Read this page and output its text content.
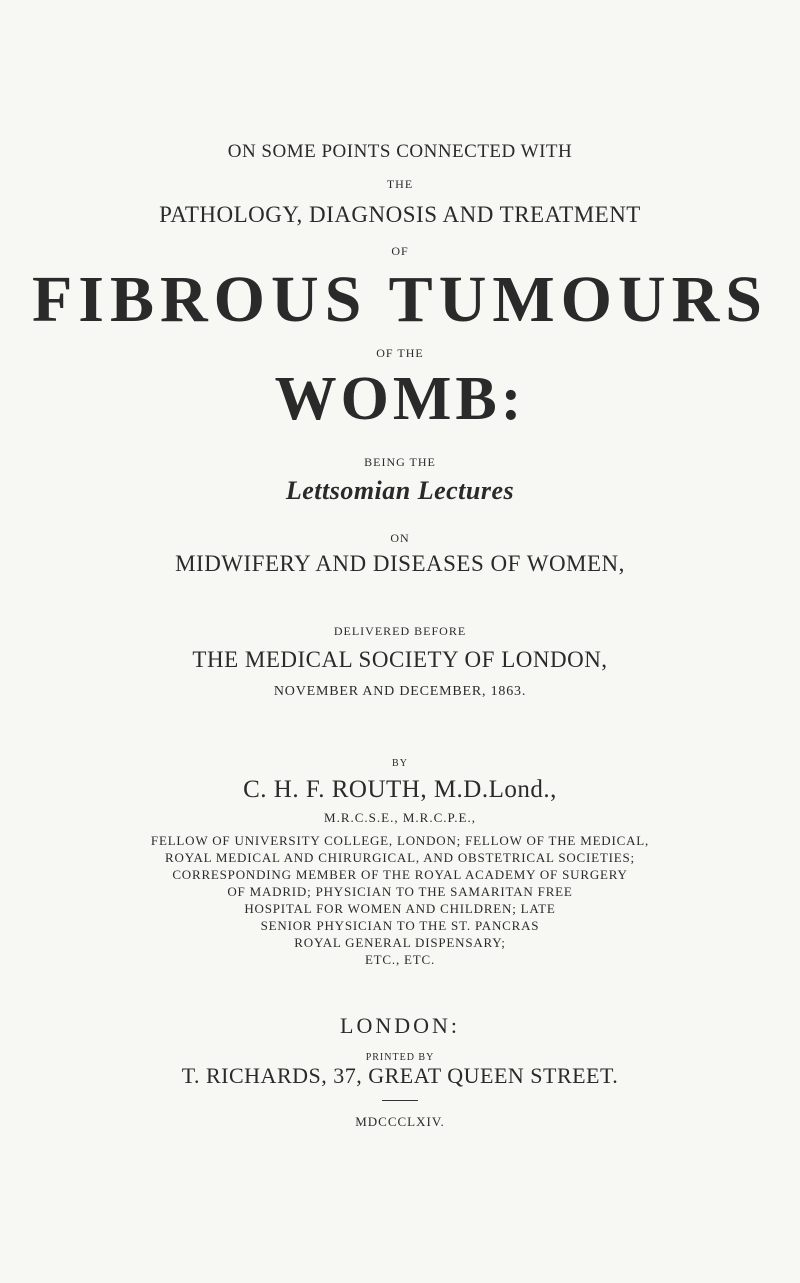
ON SOME POINTS CONNECTED WITH

THE

PATHOLOGY, DIAGNOSIS AND TREATMENT

OF

FIBROUS TUMOURS

OF THE

WOMB:

BEING THE

Lettsomian Lectures

ON

MIDWIFERY AND DISEASES OF WOMEN,

DELIVERED BEFORE

THE MEDICAL SOCIETY OF LONDON,

NOVEMBER AND DECEMBER, 1863.

BY

C. H. F. ROUTH, M.D.Lond.,

M.R.C.S.E., M.R.C.P.E.,

FELLOW OF UNIVERSITY COLLEGE, LONDON; FELLOW OF THE MEDICAL,
ROYAL MEDICAL AND CHIRURGICAL, AND OBSTETRICAL SOCIETIES;
CORRESPONDING MEMBER OF THE ROYAL ACADEMY OF SURGERY
OF MADRID; PHYSICIAN TO THE SAMARITAN FREE
HOSPITAL FOR WOMEN AND CHILDREN; LATE
SENIOR PHYSICIAN TO THE ST. PANCRAS
ROYAL GENERAL DISPENSARY;
ETC., ETC.

LONDON:

PRINTED BY

T. RICHARDS, 37, GREAT QUEEN STREET.

MDCCCLXIV.
